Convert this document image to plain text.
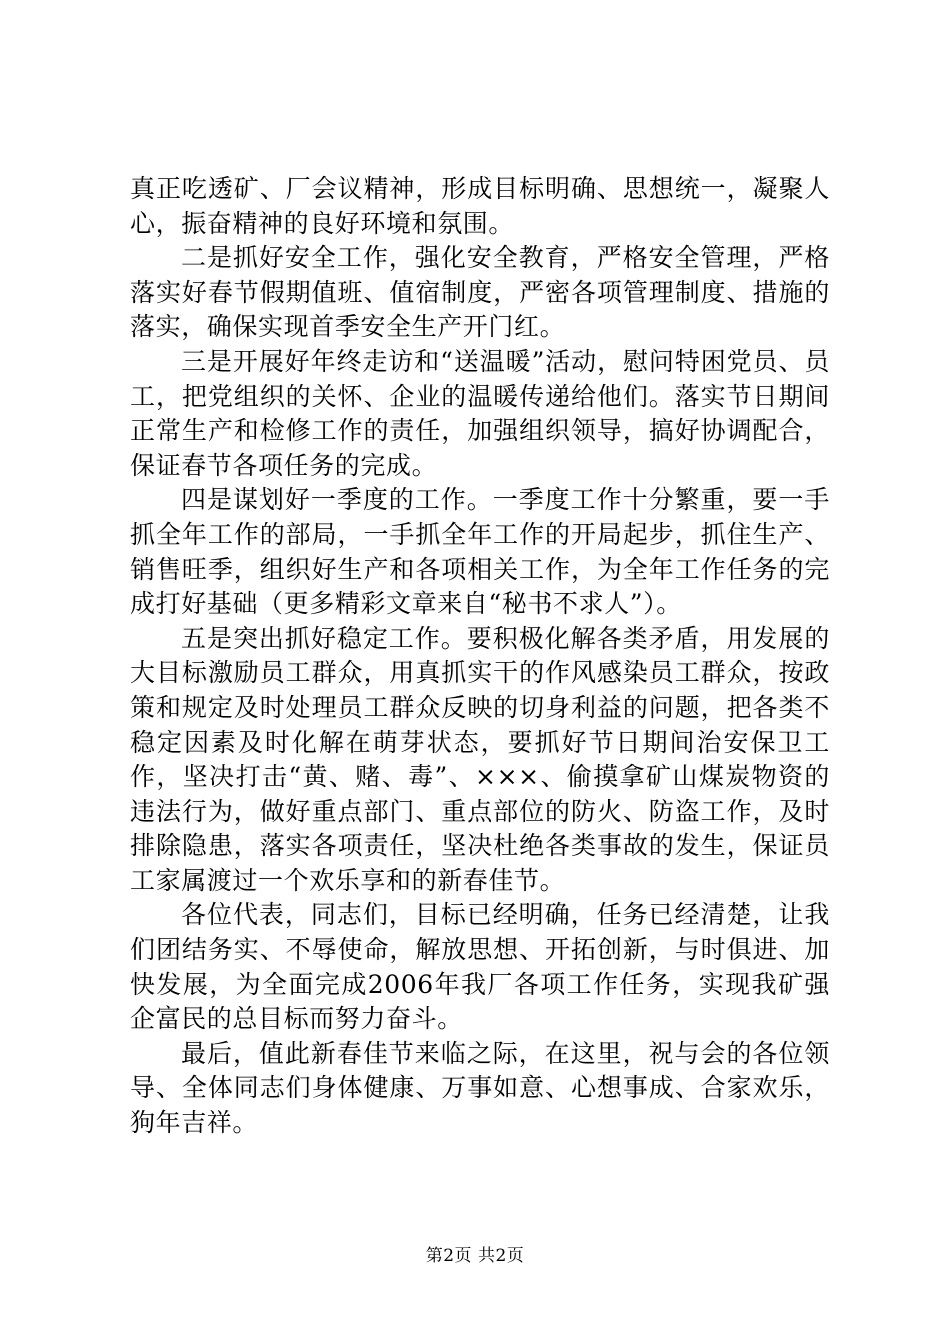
真正吃透矿、厂会议精神，形成目标明确、思想统一，凝聚人心，振奋精神的良好环境和氛围。

二是抓好安全工作，强化安全教育，严格安全管理，严格落实好春节假期值班、值宿制度，严密各项管理制度、措施的落实，确保实现首季安全生产开门红。

三是开展好年终走访和“送温暖”活动，慰问特困党员、员工，把党组织的关怀、企业的温暖传递给他们。落实节日期间正常生产和检修工作的责任，加强组织领导，搞好协调配合，保证春节各项任务的完成。

四是谋划好一季度的工作。一季度工作十分繁重，要一手抓全年工作的部局，一手抓全年工作的开局起步，抓住生产、销售旺季，组织好生产和各项相关工作，为全年工作任务的完成打好基础（更多精彩文章来自“秘书不求人”）。

五是突出抓好稳定工作。要积极化解各类矛盾，用发展的大目标激励员工群众，用真抓实干的作风感染员工群众，按政策和规定及时处理员工群众反映的切身利益的问题，把各类不稳定因素及时化解在萌芽状态，要抓好节日期间治安保卫工作，坚决打击“黄、赌、毒”、×××、偷摸拿矿山煤炭物资的违法行为，做好重点部门、重点部位的防火、防盗工作，及时排除隐患，落实各项责任，坚决杜绝各类事故的发生，保证员工家属渡过一个欢乐享和的新春佳节。

各位代表，同志们，目标已经明确，任务已经清楚，让我们团结务实、不辱使命，解放思想、开拓创新，与时俱进、加快发展，为全面完成2006年我厂各项工作任务，实现我矿强企富民的总目标而努力奋斗。

最后，值此新春佳节来临之际，在这里，祝与会的各位领导、全体同志们身体健康、万事如意、心想事成、合家欢乐，狗年吉祥。

第2页 共2页
